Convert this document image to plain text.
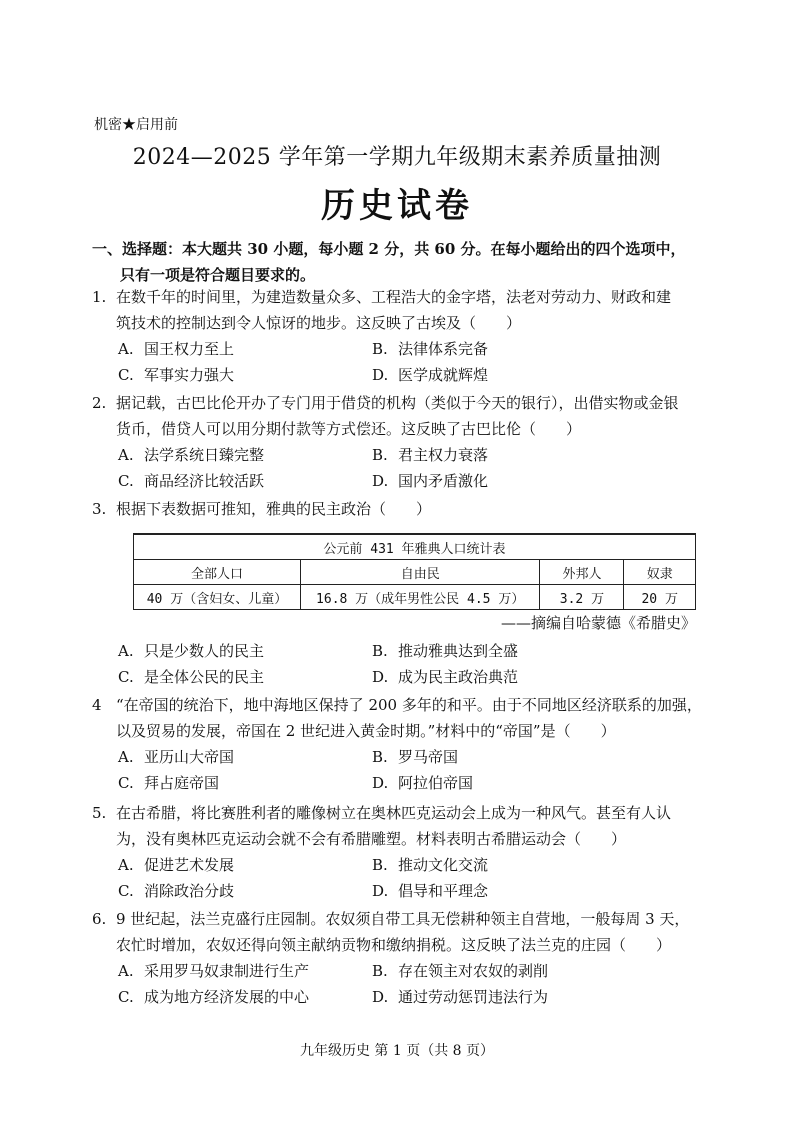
机密★启用前
2024—2025 学年第一学期九年级期末素养质量抽测
历史试卷
一、选择题：本大题共 30 小题，每小题 2 分，共 60 分。在每小题给出的四个选项中，
只有一项是符合题目要求的。
1. 在数千年的时间里，为建造数量众多、工程浩大的金字塔，法老对劳动力、财政和建
筑技术的控制达到令人惊讶的地步。这反映了古埃及（　　）
A. 国王权力至上	B. 法律体系完备
C. 军事实力强大	D. 医学成就辉煌
2. 据记载，古巴比伦开办了专门用于借贷的机构（类似于今天的银行），出借实物或金银
货币，借贷人可以用分期付款等方式偿还。这反映了古巴比伦（　　）
A. 法学系统日臻完整	B. 君主权力衰落
C. 商品经济比较活跃	D. 国内矛盾激化
3. 根据下表数据可推知，雅典的民主政治（　　）
公元前 431 年雅典人口统计表			
全部人口	自由民	外邦人	奴隶
40 万（含妇女、儿童）	16.8 万（成年男性公民 4.5 万）	3.2 万	20 万
——摘编自哈蒙德《希腊史》
A. 只是少数人的民主	B. 推动雅典达到全盛
C. 是全体公民的民主	D. 成为民主政治典范
4 “在帝国的统治下，地中海地区保持了 200 多年的和平。由于不同地区经济联系的加强，
以及贸易的发展，帝国在 2 世纪进入黄金时期。”材料中的“帝国”是（　　）
A. 亚历山大帝国	B. 罗马帝国
C. 拜占庭帝国	D. 阿拉伯帝国
5. 在古希腊，将比赛胜利者的雕像树立在奥林匹克运动会上成为一种风气。甚至有人认
为，没有奥林匹克运动会就不会有希腊雕塑。材料表明古希腊运动会（　　）
A. 促进艺术发展	B. 推动文化交流
C. 消除政治分歧	D. 倡导和平理念
6. 9 世纪起，法兰克盛行庄园制。农奴须自带工具无偿耕种领主自营地，一般每周 3 天，
农忙时增加，农奴还得向领主献纳贡物和缴纳捐税。这反映了法兰克的庄园（　　）
A. 采用罗马奴隶制进行生产	B. 存在领主对农奴的剥削
C. 成为地方经济发展的中心	D. 通过劳动惩罚违法行为
九年级历史 第 1 页（共 8 页）
